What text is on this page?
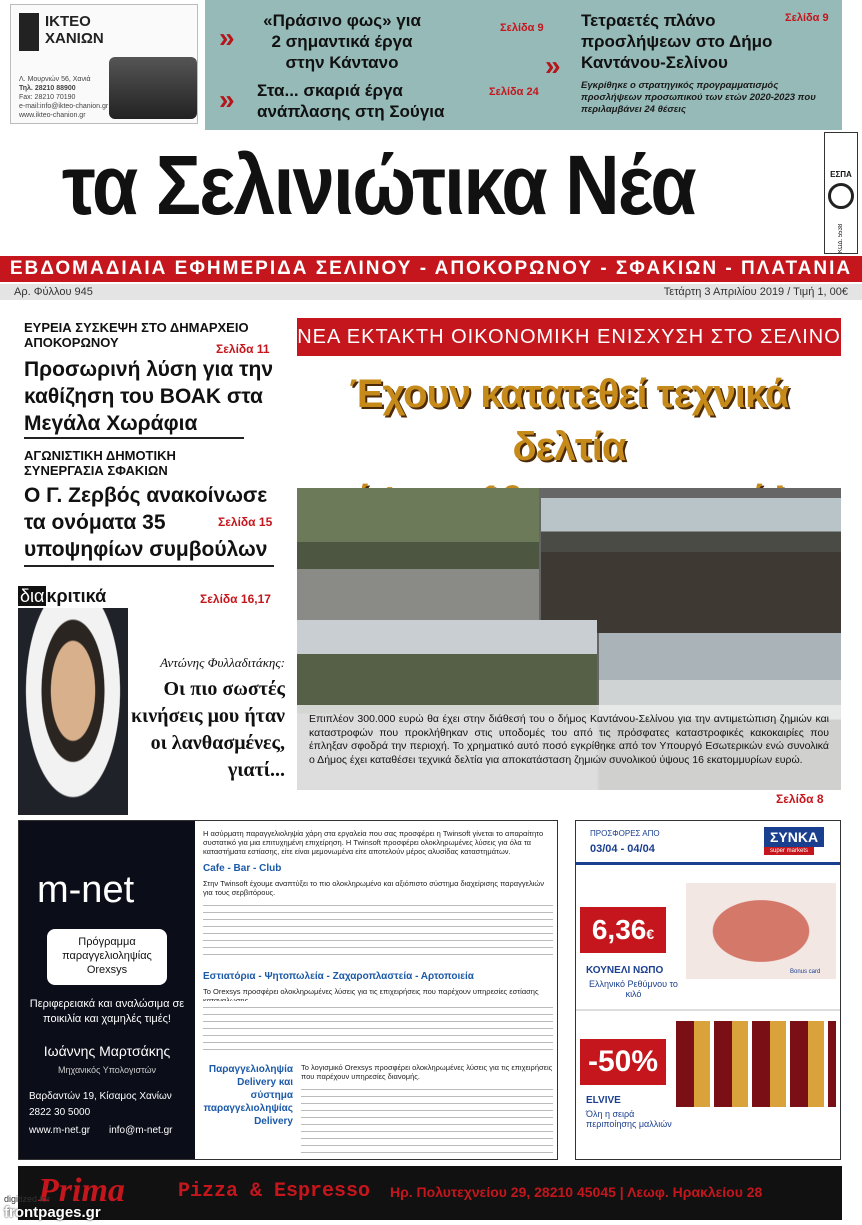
ΙΚΤΕΟ
ΧΑΝΙΩΝ
Λ. Μουρνιών 56, Χανιά
Τηλ. 28210 88900
Fax: 28210 70190
e-mail:info@ikteo-chanion.gr
www.ikteo-chanion.gr
»
«Πράσινο φως» για 2 σημαντικά έργα στην Κάντανο
Σελίδα 9
» Στα... σκαριά έργα ανάπλασης στη Σούγια
Σελίδα 24
»
Τετραετές πλάνο προσλήψεων στο Δήμο Καντάνου-Σελίνου
Σελίδα 9
Εγκρίθηκε ο στρατηγικός προγραμματισμός προσλήψεων προσωπικού των ετών 2020-2023 που περιλαμβάνει 24 θέσεις
τα Σελινιώτικα Νέα	ΕΣΠΑ
ΚΩΔ. 5538
ΕΒΔΟΜΑΔΙΑΙΑ ΕΦΗΜΕΡΙΔΑ ΣΕΛΙΝΟΥ - ΑΠΟΚΟΡΩΝΟΥ - ΣΦΑΚΙΩΝ - ΠΛΑΤΑΝΙΑ
Αρ. Φύλλου 945	Τετάρτη 3 Απριλίου 2019 / Τιμή 1, 00€
ΕΥΡΕΙΑ ΣΥΣΚΕΨΗ ΣΤΟ ΔΗΜΑΡΧΕΙΟ ΑΠΟΚΟΡΩΝΟΥ	Σελίδα 11
Προσωρινή λύση για την καθίζηση του ΒΟΑΚ στα Μεγάλα Χωράφια
ΑΓΩΝΙΣΤΙΚΗ ΔΗΜΟΤΙΚΗ ΣΥΝΕΡΓΑΣΙΑ ΣΦΑΚΙΩΝ
Ο Γ. Ζερβός ανακοίνωσε τα ονόματα 35 υποψηφίων συμβούλων
Σελίδα 15
δια κριτικά	Σελίδα 16,17
Αντώνης Φυλλαδιτάκης:
Οι πιο σωστές κινήσεις μου ήταν οι λανθασμένες, γιατί...
ΝΕΑ ΕΚΤΑΚΤΗ ΟΙΚΟΝΟΜΙΚΗ ΕΝΙΣΧΥΣΗ ΣΤΟ ΣΕΛΙΝΟ
Έχουν κατατεθεί τεχνικά δελτία
Επιπλέον 300.000 ευρώ θα έχει στην διάθεσή του ο δήμος Καντάνου-Σελίνου για την αντιμετώπιση ζημιών και καταστροφών που προκλήθηκαν στις υποδομές του από τις πρόσφατες καταστροφικές κακοκαιρίες που έπληξαν σφοδρά την περιοχή. Το χρηματικό αυτό ποσό εγκρίθηκε από τον Υπουργό Εσωτερικών ενώ συνολικά ο Δήμος έχει καταθέσει τεχνικά δελτία για αποκατάσταση ζημιών συνολικού ύψους 16 εκατομμυρίων ευρώ.
Σελίδα 8
m-net
Πρόγραμμα παραγγελιοληψίας Orexsys
Περιφερειακά και αναλώσιμα σε ποικιλία και χαμηλές τιμές!
Ιωάννης Μαρτσάκης
Μηχανικός Υπολογιστών
Βαρδαντών 19, Κίσαμος Χανίων
2822 30 5000
www.m-net.gr info@m-net.gr
Η ασύρματη παραγγελιοληψία χάρη στα εργαλεία που σας προσφέρει η Twinsoft γίνεται το απαραίτητο συστατικό για μια επιτυχημένη επιχείρηση. Η Twinsoft προσφέρει ολοκληρωμένες λύσεις για όλα τα καταστήματα εστίασης, είτε είναι μεμονωμένα είτε αποτελούν μέρος αλυσίδας καταστημάτων.
Cafe - Bar - Club
Στην Twinsoft έχουμε αναπτύξει το πιο ολοκληρωμένο και αξιόπιστο σύστημα διαχείρισης παραγγελιών για τους σερβιτόρους.
Εστιατόρια - Ψητοπωλεία - Ζαχαροπλαστεία - Αρτοποιεία
Το Orexsys προσφέρει ολοκληρωμένες λύσεις για τις επιχειρήσεις που παρέχουν υπηρεσίες εστίασης
Παραγγελιοληψία Delivery και σύστημα παραγγελιοληψίας Delivery
Το λογισμικό Orexsys προσφέρει ολοκληρωμένες λύσεις για τις επιχειρήσεις που παρέχουν υπηρεσίες διανομής.
ΠΡΟΣΦΟΡΕΣ ΑΠΟ
03/04 - 04/04
ΣΥΝΚΑ
super markets
6,36€
ΚΟΥΝΕΛΙ ΝΩΠΟ
Ελληνικό Ρεθύμνου το κιλό
Bonus card
-50%
ELVIVE
Όλη η σειρά περιποίησης μαλλιών
Prima	Pizza & Espresso Ηρ. Πολυτεχνείου 29, 28210 45045 | Λεωφ. Ηρακλείου 28
digitized for
frontpages.gr
